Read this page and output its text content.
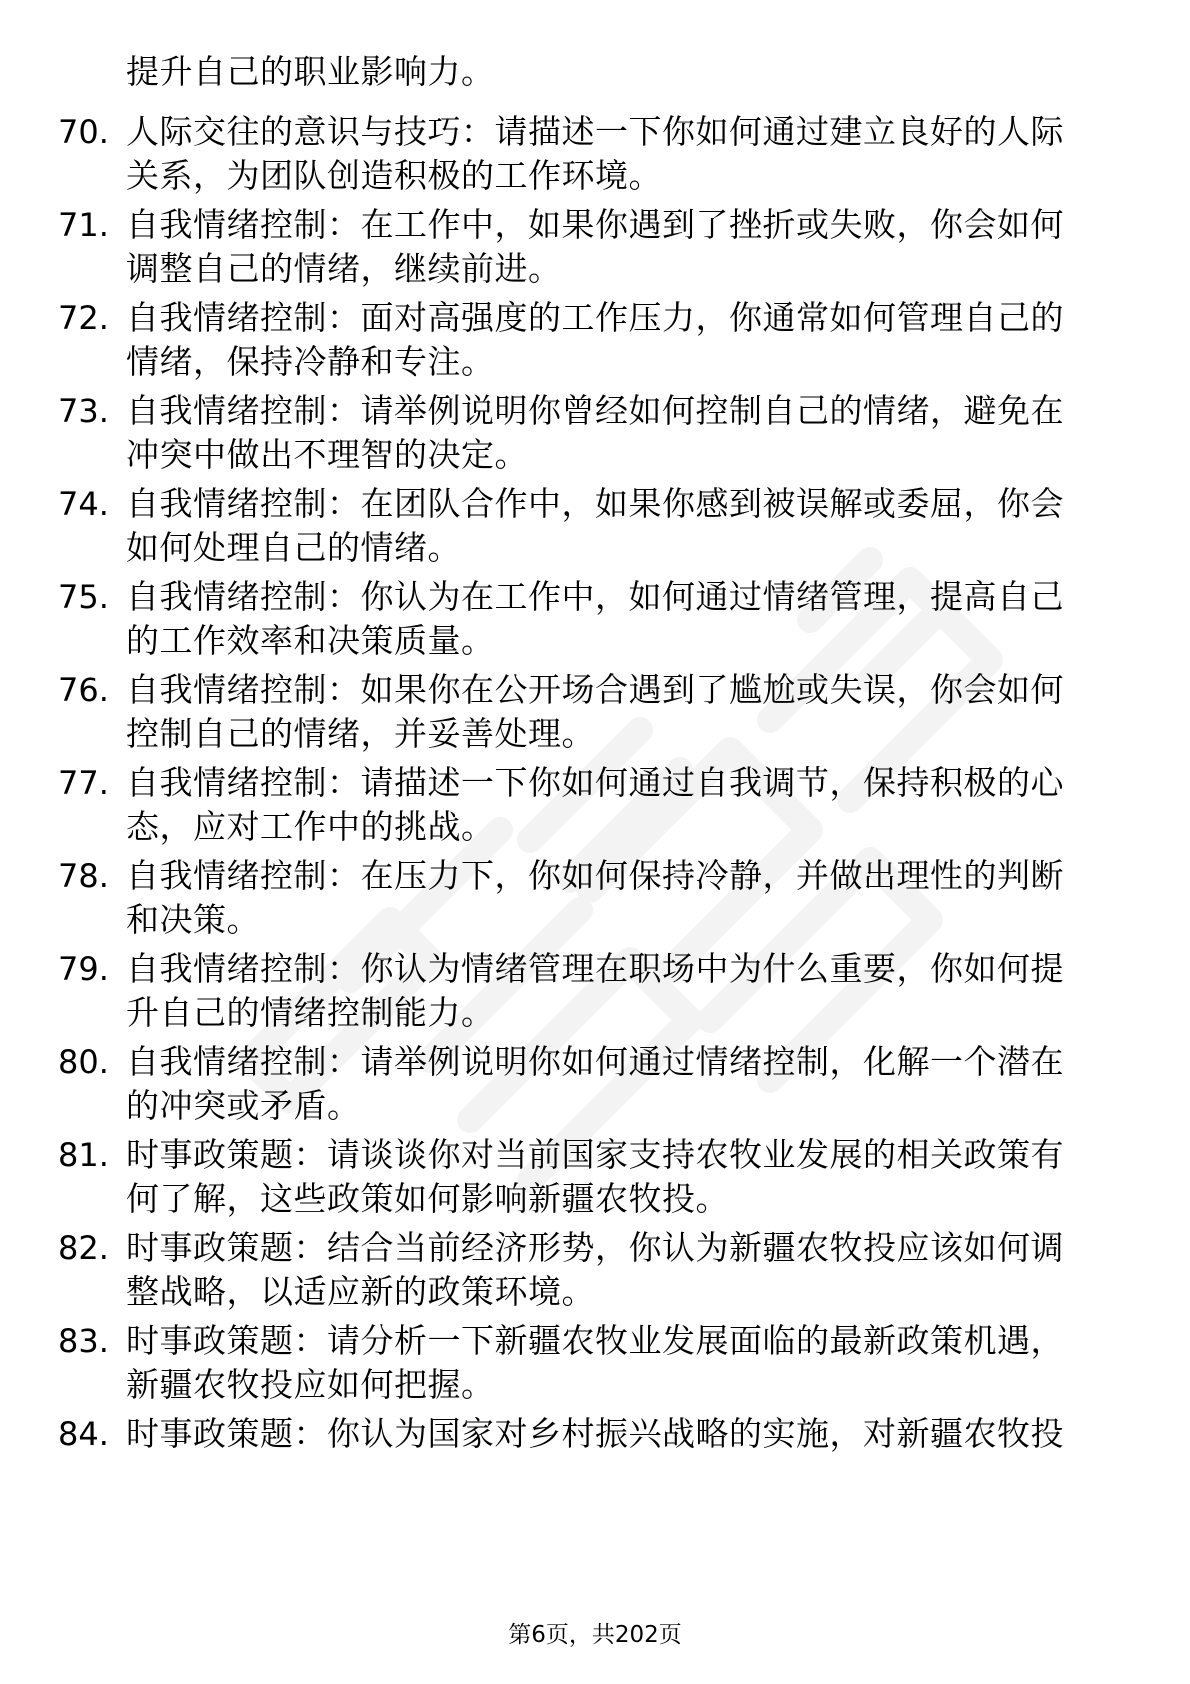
提升自己的职业影响力。
70. 人际交往的意识与技巧：请描述一下你如何通过建立良好的人际
关系，为团队创造积极的工作环境。
71. 自我情绪控制：在工作中，如果你遇到了挫折或失败，你会如何
调整自己的情绪，继续前进。
72. 自我情绪控制：面对高强度的工作压力，你通常如何管理自己的
情绪，保持冷静和专注。
73. 自我情绪控制：请举例说明你曾经如何控制自己的情绪，避免在
冲突中做出不理智的决定。
74. 自我情绪控制：在团队合作中，如果你感到被误解或委屈，你会
如何处理自己的情绪。
75. 自我情绪控制：你认为在工作中，如何通过情绪管理，提高自己
的工作效率和决策质量。
76. 自我情绪控制：如果你在公开场合遇到了尴尬或失误，你会如何
控制自己的情绪，并妥善处理。
77. 自我情绪控制：请描述一下你如何通过自我调节，保持积极的心
态，应对工作中的挑战。
78. 自我情绪控制：在压力下，你如何保持冷静，并做出理性的判断
和决策。
79. 自我情绪控制：你认为情绪管理在职场中为什么重要，你如何提
升自己的情绪控制能力。
80. 自我情绪控制：请举例说明你如何通过情绪控制，化解一个潜在
的冲突或矛盾。
81. 时事政策题：请谈谈你对当前国家支持农牧业发展的相关政策有
何了解，这些政策如何影响新疆农牧投。
82. 时事政策题：结合当前经济形势，你认为新疆农牧投应该如何调
整战略，以适应新的政策环境。
83. 时事政策题：请分析一下新疆农牧业发展面临的最新政策机遇，
新疆农牧投应如何把握。
84. 时事政策题：你认为国家对乡村振兴战略的实施，对新疆农牧投
第6页，共202页
